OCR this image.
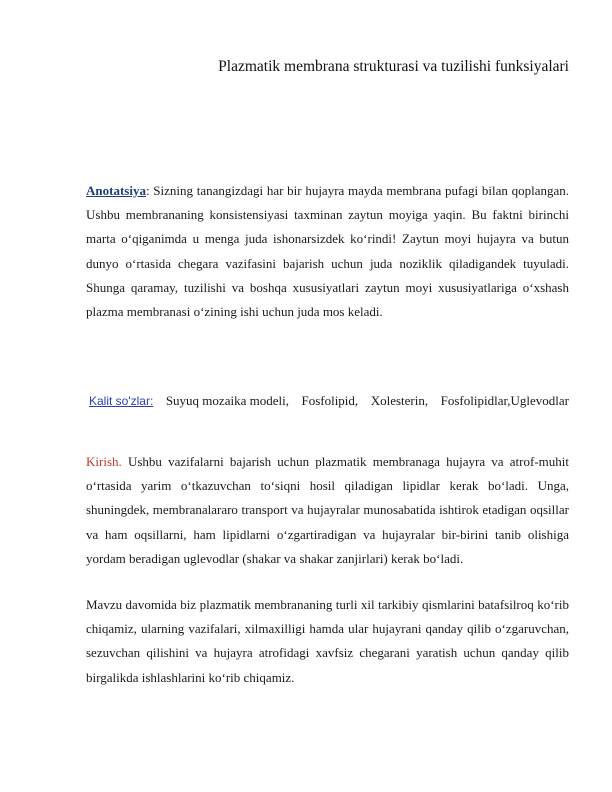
Plazmatik membrana strukturasi va tuzilishi funksiyalari
Anotatsiya: Sizning tanangizdagi har bir hujayra mayda membrana pufagi bilan qoplangan. Ushbu membrananing konsistensiyasi taxminan zaytun moyiga yaqin. Bu faktni birinchi marta o‘qiganimda u menga juda ishonarsizdek ko‘rindi! Zaytun moyi hujayra va butun dunyo o‘rtasida chegara vazifasini bajarish uchun juda noziklik qiladigandek tuyuladi. Shunga qaramay, tuzilishi va boshqa xususiyatlari zaytun moyi xususiyatlariga o‘xshash plazma membranasi o‘zining ishi uchun juda mos keladi.
Kalit so'zlar: Suyuq mozaika modeli, Fosfolipid, Xolesterin, Fosfolipidlar,Uglevodlar
Kirish. Ushbu vazifalarni bajarish uchun plazmatik membranaga hujayra va atrof-muhit o‘rtasida yarim o‘tkazuvchan to‘siqni hosil qiladigan lipidlar kerak bo‘ladi. Unga, shuningdek, membranalararo transport va hujayralar munosabatida ishtirok etadigan oqsillar va ham oqsillarni, ham lipidlarni o‘zgartiradigan va hujayralar bir-birini tanib olishiga yordam beradigan uglevodlar (shakar va shakar zanjirlari) kerak bo‘ladi.
Mavzu davomida biz plazmatik membrananing turli xil tarkibiy qismlarini batafsilroq ko‘rib chiqamiz, ularning vazifalari, xilmaxilligi hamda ular hujayrani qanday qilib o‘zgaruvchan, sezuvchan qilishini va hujayra atrofidagi xavfsiz chegarani yaratish uchun qanday qilib birgalikda ishlashlarini ko‘rib chiqamiz.
